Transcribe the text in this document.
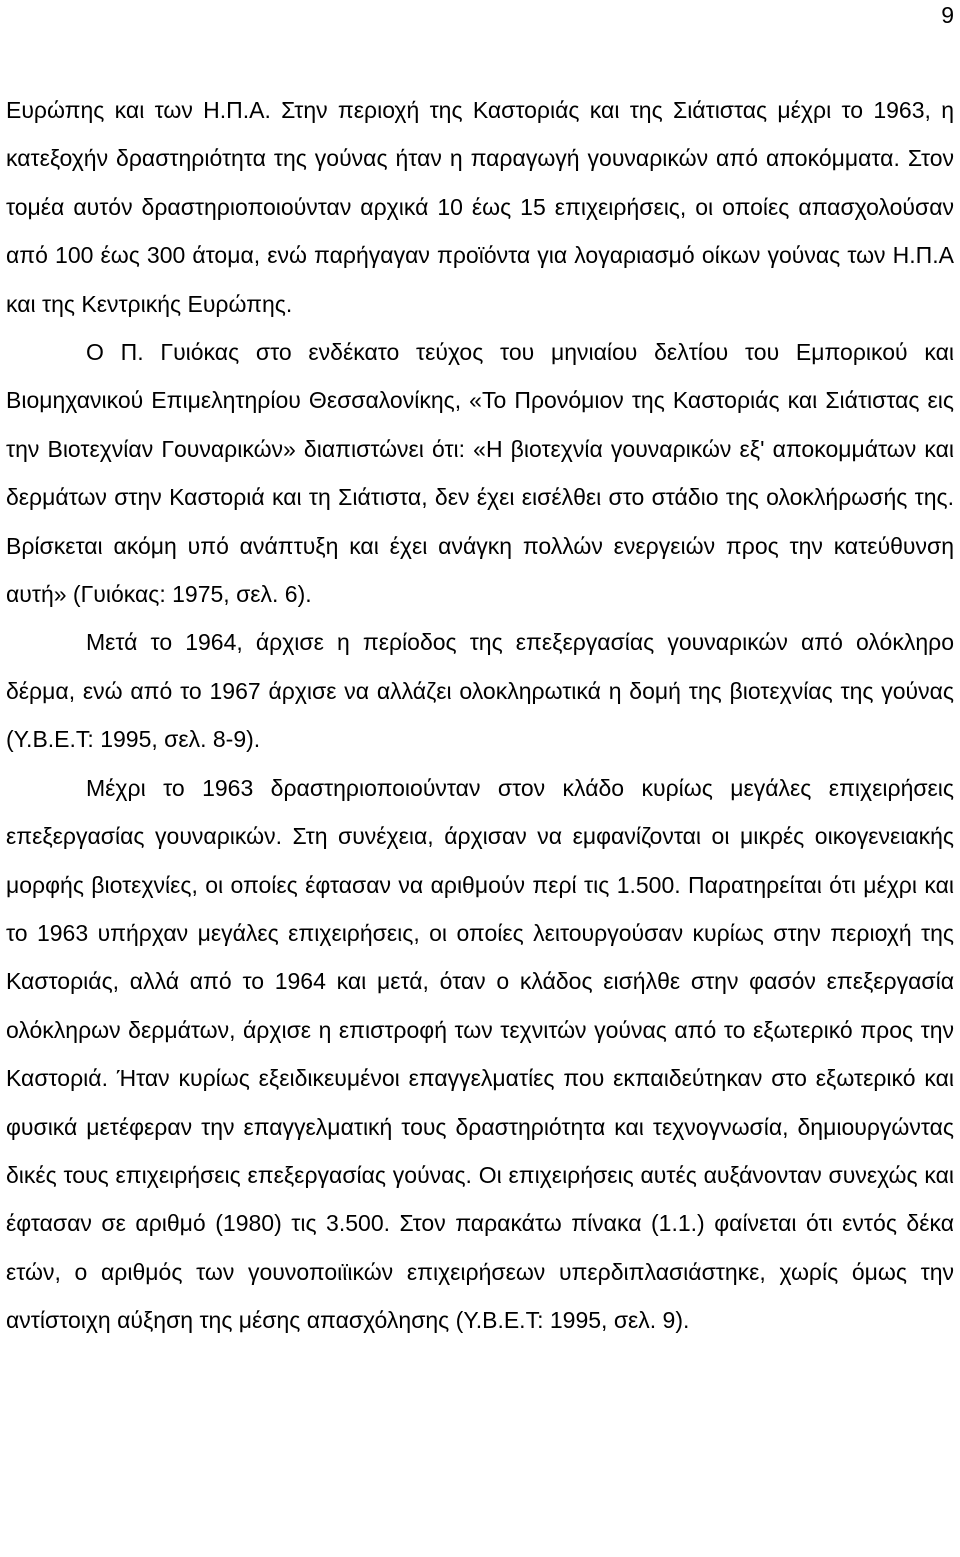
9

Ευρώπης και των Η.Π.Α. Στην περιοχή της Καστοριάς και της Σιάτιστας μέχρι το 1963, η κατεξοχήν δραστηριότητα της γούνας ήταν η παραγωγή γουναρικών από αποκόμματα. Στον τομέα αυτόν δραστηριοποιούνταν αρχικά 10 έως 15 επιχειρήσεις, οι οποίες απασχολούσαν από 100 έως 300 άτομα, ενώ παρήγαγαν προϊόντα για λογαριασμό οίκων γούνας των Η.Π.Α και της Κεντρικής Ευρώπης.

Ο Π. Γυιόκας στο ενδέκατο τεύχος του μηνιαίου δελτίου του Εμπορικού και Βιομηχανικού Επιμελητηρίου Θεσσαλονίκης, «Το Προνόμιον της Καστοριάς και Σιάτιστας εις την Βιοτεχνίαν Γουναρικών» διαπιστώνει ότι: «Η βιοτεχνία γουναρικών εξ' αποκομμάτων και δερμάτων στην Καστοριά και τη Σιάτιστα, δεν έχει εισέλθει στο στάδιο της ολοκλήρωσής της. Βρίσκεται ακόμη υπό ανάπτυξη και έχει ανάγκη πολλών ενεργειών προς την κατεύθυνση αυτή» (Γυιόκας: 1975, σελ. 6).

Μετά το 1964, άρχισε η περίοδος της επεξεργασίας γουναρικών από ολόκληρο δέρμα, ενώ από το 1967 άρχισε να αλλάζει ολοκληρωτικά η δομή της βιοτεχνίας της γούνας (Υ.Β.Ε.Τ: 1995, σελ. 8-9).

Μέχρι το 1963 δραστηριοποιούνταν στον κλάδο κυρίως μεγάλες επιχειρήσεις επεξεργασίας γουναρικών. Στη συνέχεια, άρχισαν να εμφανίζονται οι μικρές οικογενειακής μορφής βιοτεχνίες, οι οποίες έφτασαν να αριθμούν περί τις 1.500. Παρατηρείται ότι μέχρι και το 1963 υπήρχαν μεγάλες επιχειρήσεις, οι οποίες λειτουργούσαν κυρίως στην περιοχή της Καστοριάς, αλλά από το 1964 και μετά, όταν ο κλάδος εισήλθε στην φασόν επεξεργασία ολόκληρων δερμάτων, άρχισε η επιστροφή των τεχνιτών γούνας από το εξωτερικό προς την Καστοριά. Ήταν κυρίως εξειδικευμένοι επαγγελματίες που εκπαιδεύτηκαν στο εξωτερικό και φυσικά μετέφεραν την επαγγελματική τους δραστηριότητα και τεχνογνωσία, δημιουργώντας δικές τους επιχειρήσεις επεξεργασίας γούνας. Οι επιχειρήσεις αυτές αυξάνονταν συνεχώς και έφτασαν σε αριθμό (1980) τις 3.500. Στον παρακάτω πίνακα (1.1.) φαίνεται ότι εντός δέκα ετών, ο αριθμός των γουνοποιϊικών επιχειρήσεων υπερδιπλασιάστηκε, χωρίς όμως την αντίστοιχη αύξηση της μέσης απασχόλησης (Υ.Β.Ε.Τ: 1995, σελ. 9).
